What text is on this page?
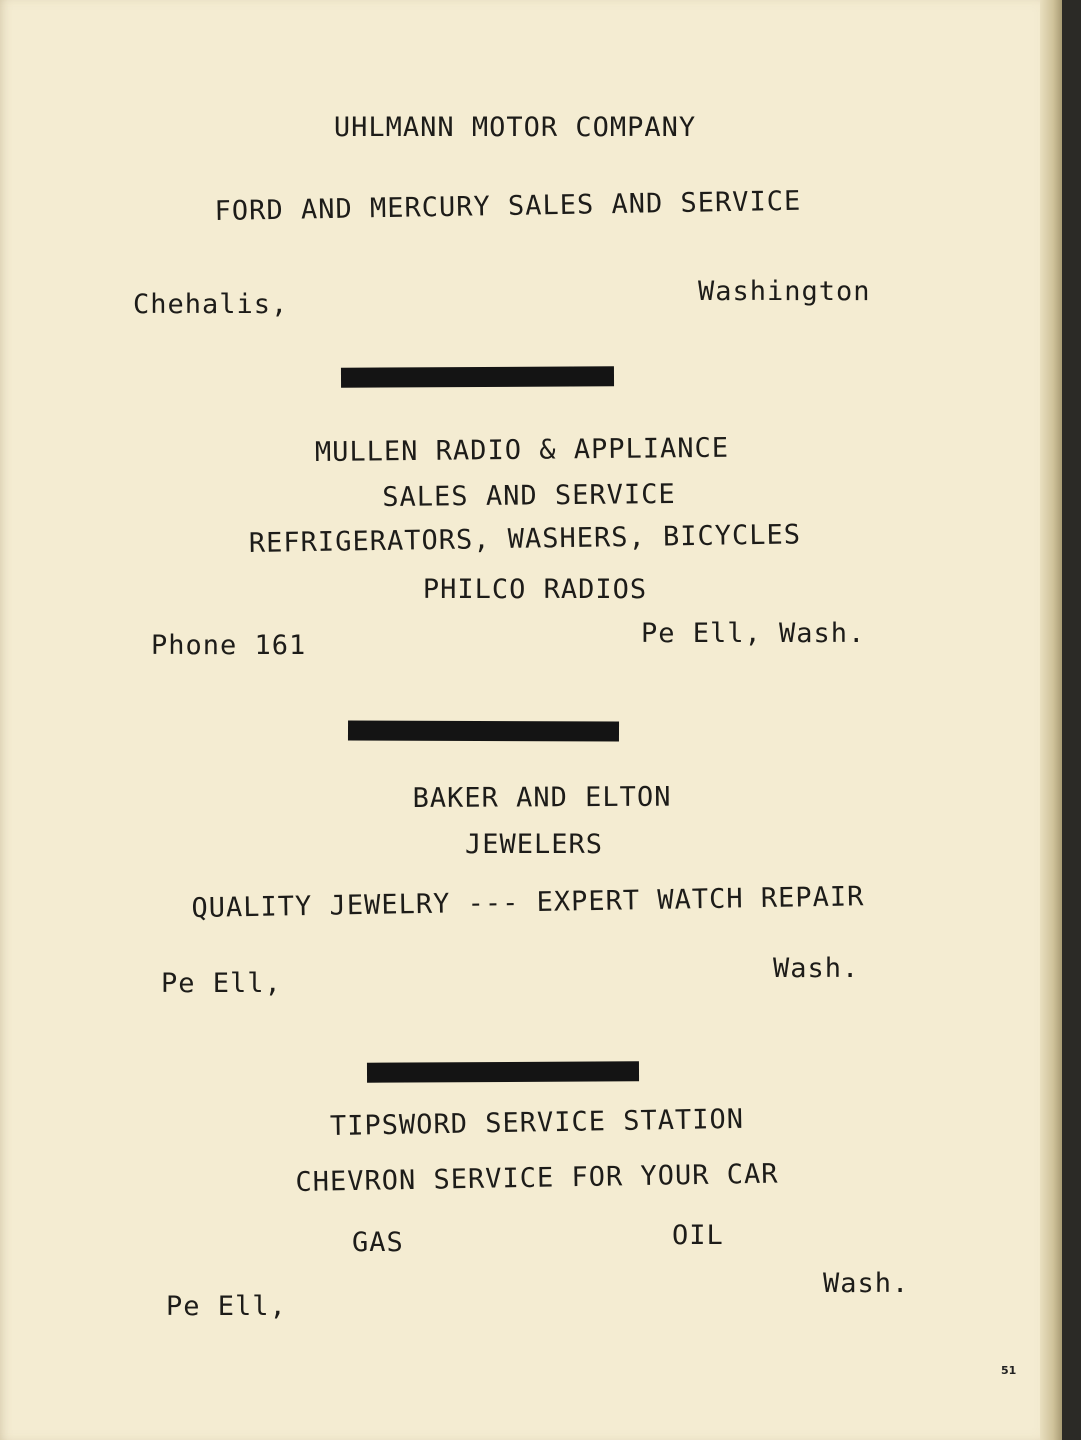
UHLMANN MOTOR COMPANY
FORD AND MERCURY SALES AND SERVICE
Chehalis,	Washington
MULLEN RADIO & APPLIANCE
SALES AND SERVICE
REFRIGERATORS, WASHERS, BICYCLES
PHILCO RADIOS
Phone 161	Pe Ell, Wash.
BAKER AND ELTON
JEWELERS
QUALITY JEWELRY --- EXPERT WATCH REPAIR
Pe Ell,	Wash.
TIPSWORD SERVICE STATION
CHEVRON SERVICE FOR YOUR CAR
GAS	OIL
Pe Ell,
Wash.
51
